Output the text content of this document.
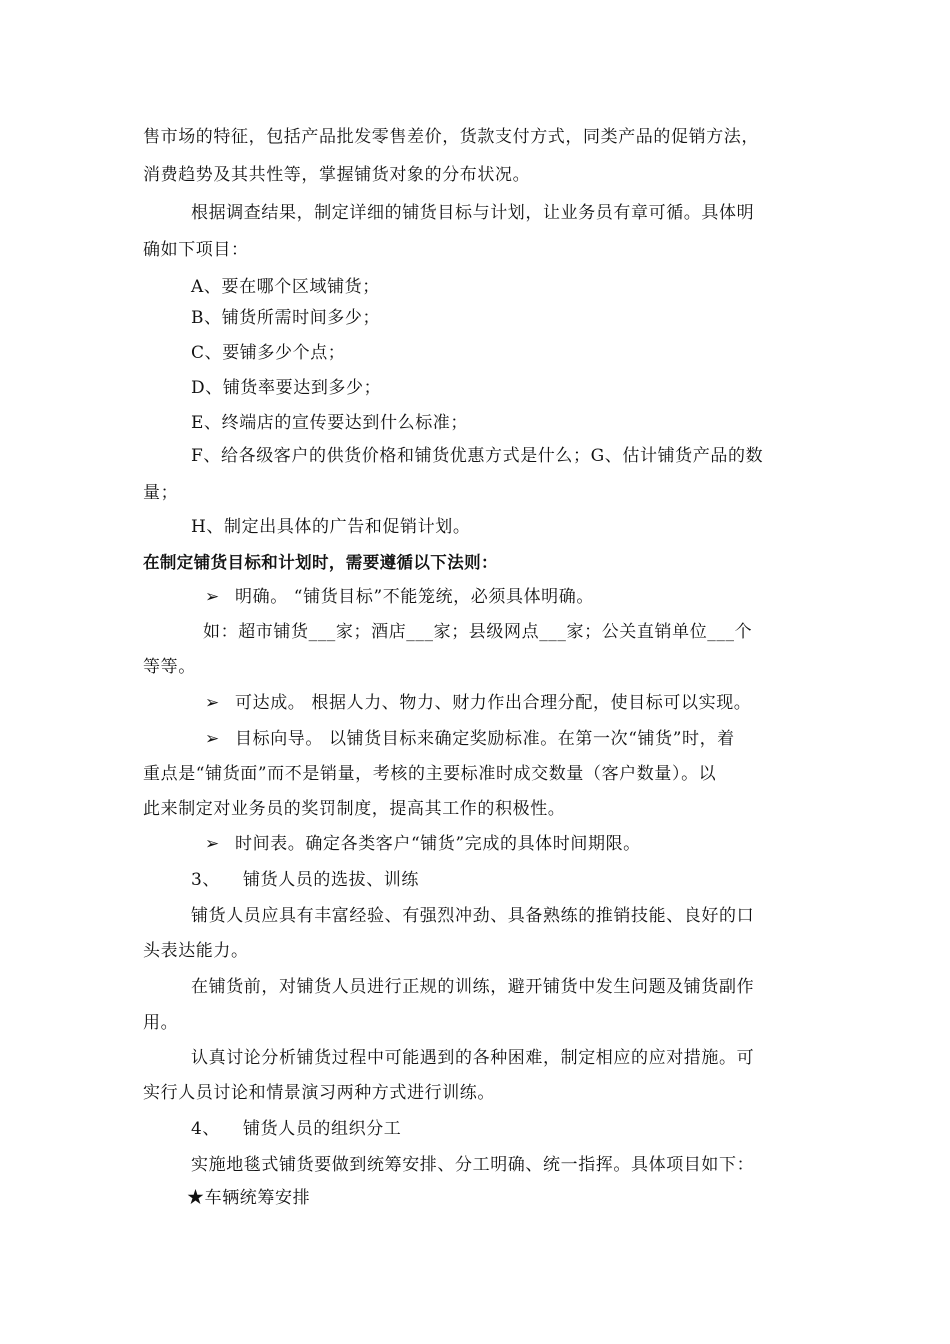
售市场的特征，包括产品批发零售差价，货款支付方式，同类产品的促销方法，
消费趋势及其共性等，掌握铺货对象的分布状况。
根据调查结果，制定详细的铺货目标与计划，让业务员有章可循。具体明
确如下项目：
A、要在哪个区域铺货；
B、铺货所需时间多少；
C、要铺多少个点；
D、铺货率要达到多少；
E、终端店的宣传要达到什么标准；
F、给各级客户的供货价格和铺货优惠方式是什么；G、估计铺货产品的数
量；
H、制定出具体的广告和促销计划。
在制定铺货目标和计划时，需要遵循以下法则：
➢ 明确。 “铺货目标”不能笼统，必须具体明确。
如：超市铺货___家；酒店___家；县级网点___家；公关直销单位___个
等等。
➢ 可达成。 根据人力、物力、财力作出合理分配，使目标可以实现。
➢ 目标向导。 以铺货目标来确定奖励标准。在第一次“铺货”时，着
重点是“铺货面”而不是销量，考核的主要标准时成交数量（客户数量）。以
此来制定对业务员的奖罚制度，提高其工作的积极性。
➢ 时间表。确定各类客户“铺货”完成的具体时间期限。
3、 铺货人员的选拔、训练
铺货人员应具有丰富经验、有强烈冲劲、具备熟练的推销技能、良好的口
头表达能力。
在铺货前，对铺货人员进行正规的训练，避开铺货中发生问题及铺货副作
用。
认真讨论分析铺货过程中可能遇到的各种困难，制定相应的应对措施。可
实行人员讨论和情景演习两种方式进行训练。
4、 铺货人员的组织分工
实施地毯式铺货要做到统筹安排、分工明确、统一指挥。具体项目如下：
★车辆统筹安排
